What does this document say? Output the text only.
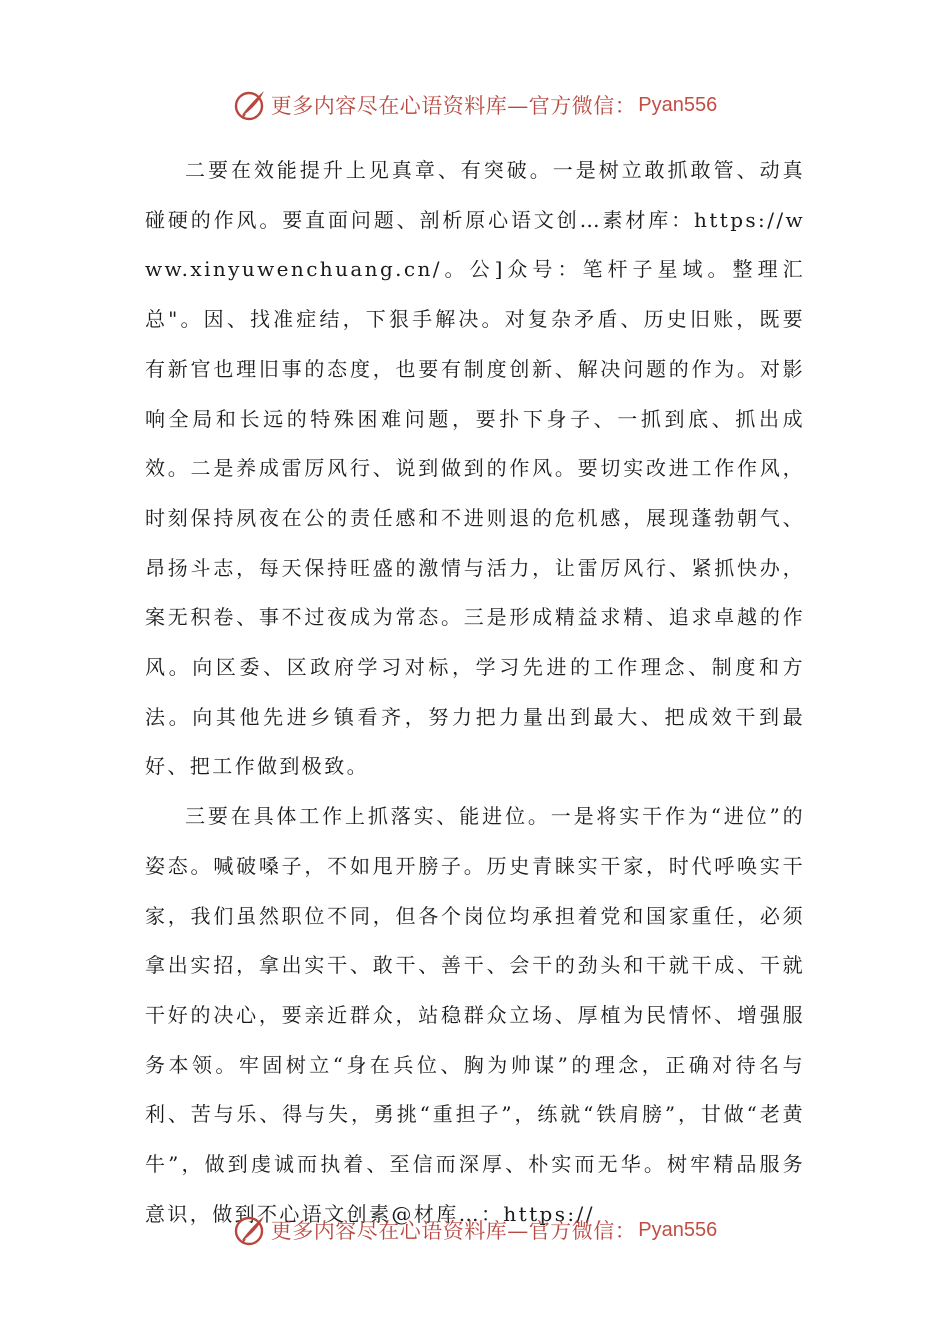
更多内容尽在心语资料库—官方微信： Pyan556

二要在效能提升上见真章、有突破。一是树立敢抓敢管、动真碰硬的作风。要直面问题、剖析原心语文创…素材库：https://www.xinyuwenchuang.cn/。公]众号：笔杆子星域。整理汇总"。因、找准症结，下狠手解决。对复杂矛盾、历史旧账，既要有新官也理旧事的态度，也要有制度创新、解决问题的作为。对影响全局和长远的特殊困难问题，要扑下身子、一抓到底、抓出成效。二是养成雷厉风行、说到做到的作风。要切实改进工作作风，时刻保持夙夜在公的责任感和不进则退的危机感，展现蓬勃朝气、昂扬斗志，每天保持旺盛的激情与活力，让雷厉风行、紧抓快办，案无积卷、事不过夜成为常态。三是形成精益求精、追求卓越的作风。向区委、区政府学习对标，学习先进的工作理念、制度和方法。向其他先进乡镇看齐，努力把力量出到最大、把成效干到最好、把工作做到极致。

三要在具体工作上抓落实、能进位。一是将实干作为“进位”的姿态。喊破嗓子，不如甩开膀子。历史青睐实干家，时代呼唤实干家，我们虽然职位不同，但各个岗位均承担着党和国家重任，必须拿出实招，拿出实干、敢干、善干、会干的劲头和干就干成、干就干好的决心，要亲近群众，站稳群众立场、厚植为民情怀、增强服务本领。牢固树立“身在兵位、胸为帅谋”的理念，正确对待名与利、苦与乐、得与失，勇挑“重担子”，练就“铁肩膀”，甘做“老黄牛”，做到虔诚而执着、至信而深厚、朴实而无华。树牢精品服务意识，做到不心语文创素@材库…：https://

更多内容尽在心语资料库—官方微信： Pyan556
